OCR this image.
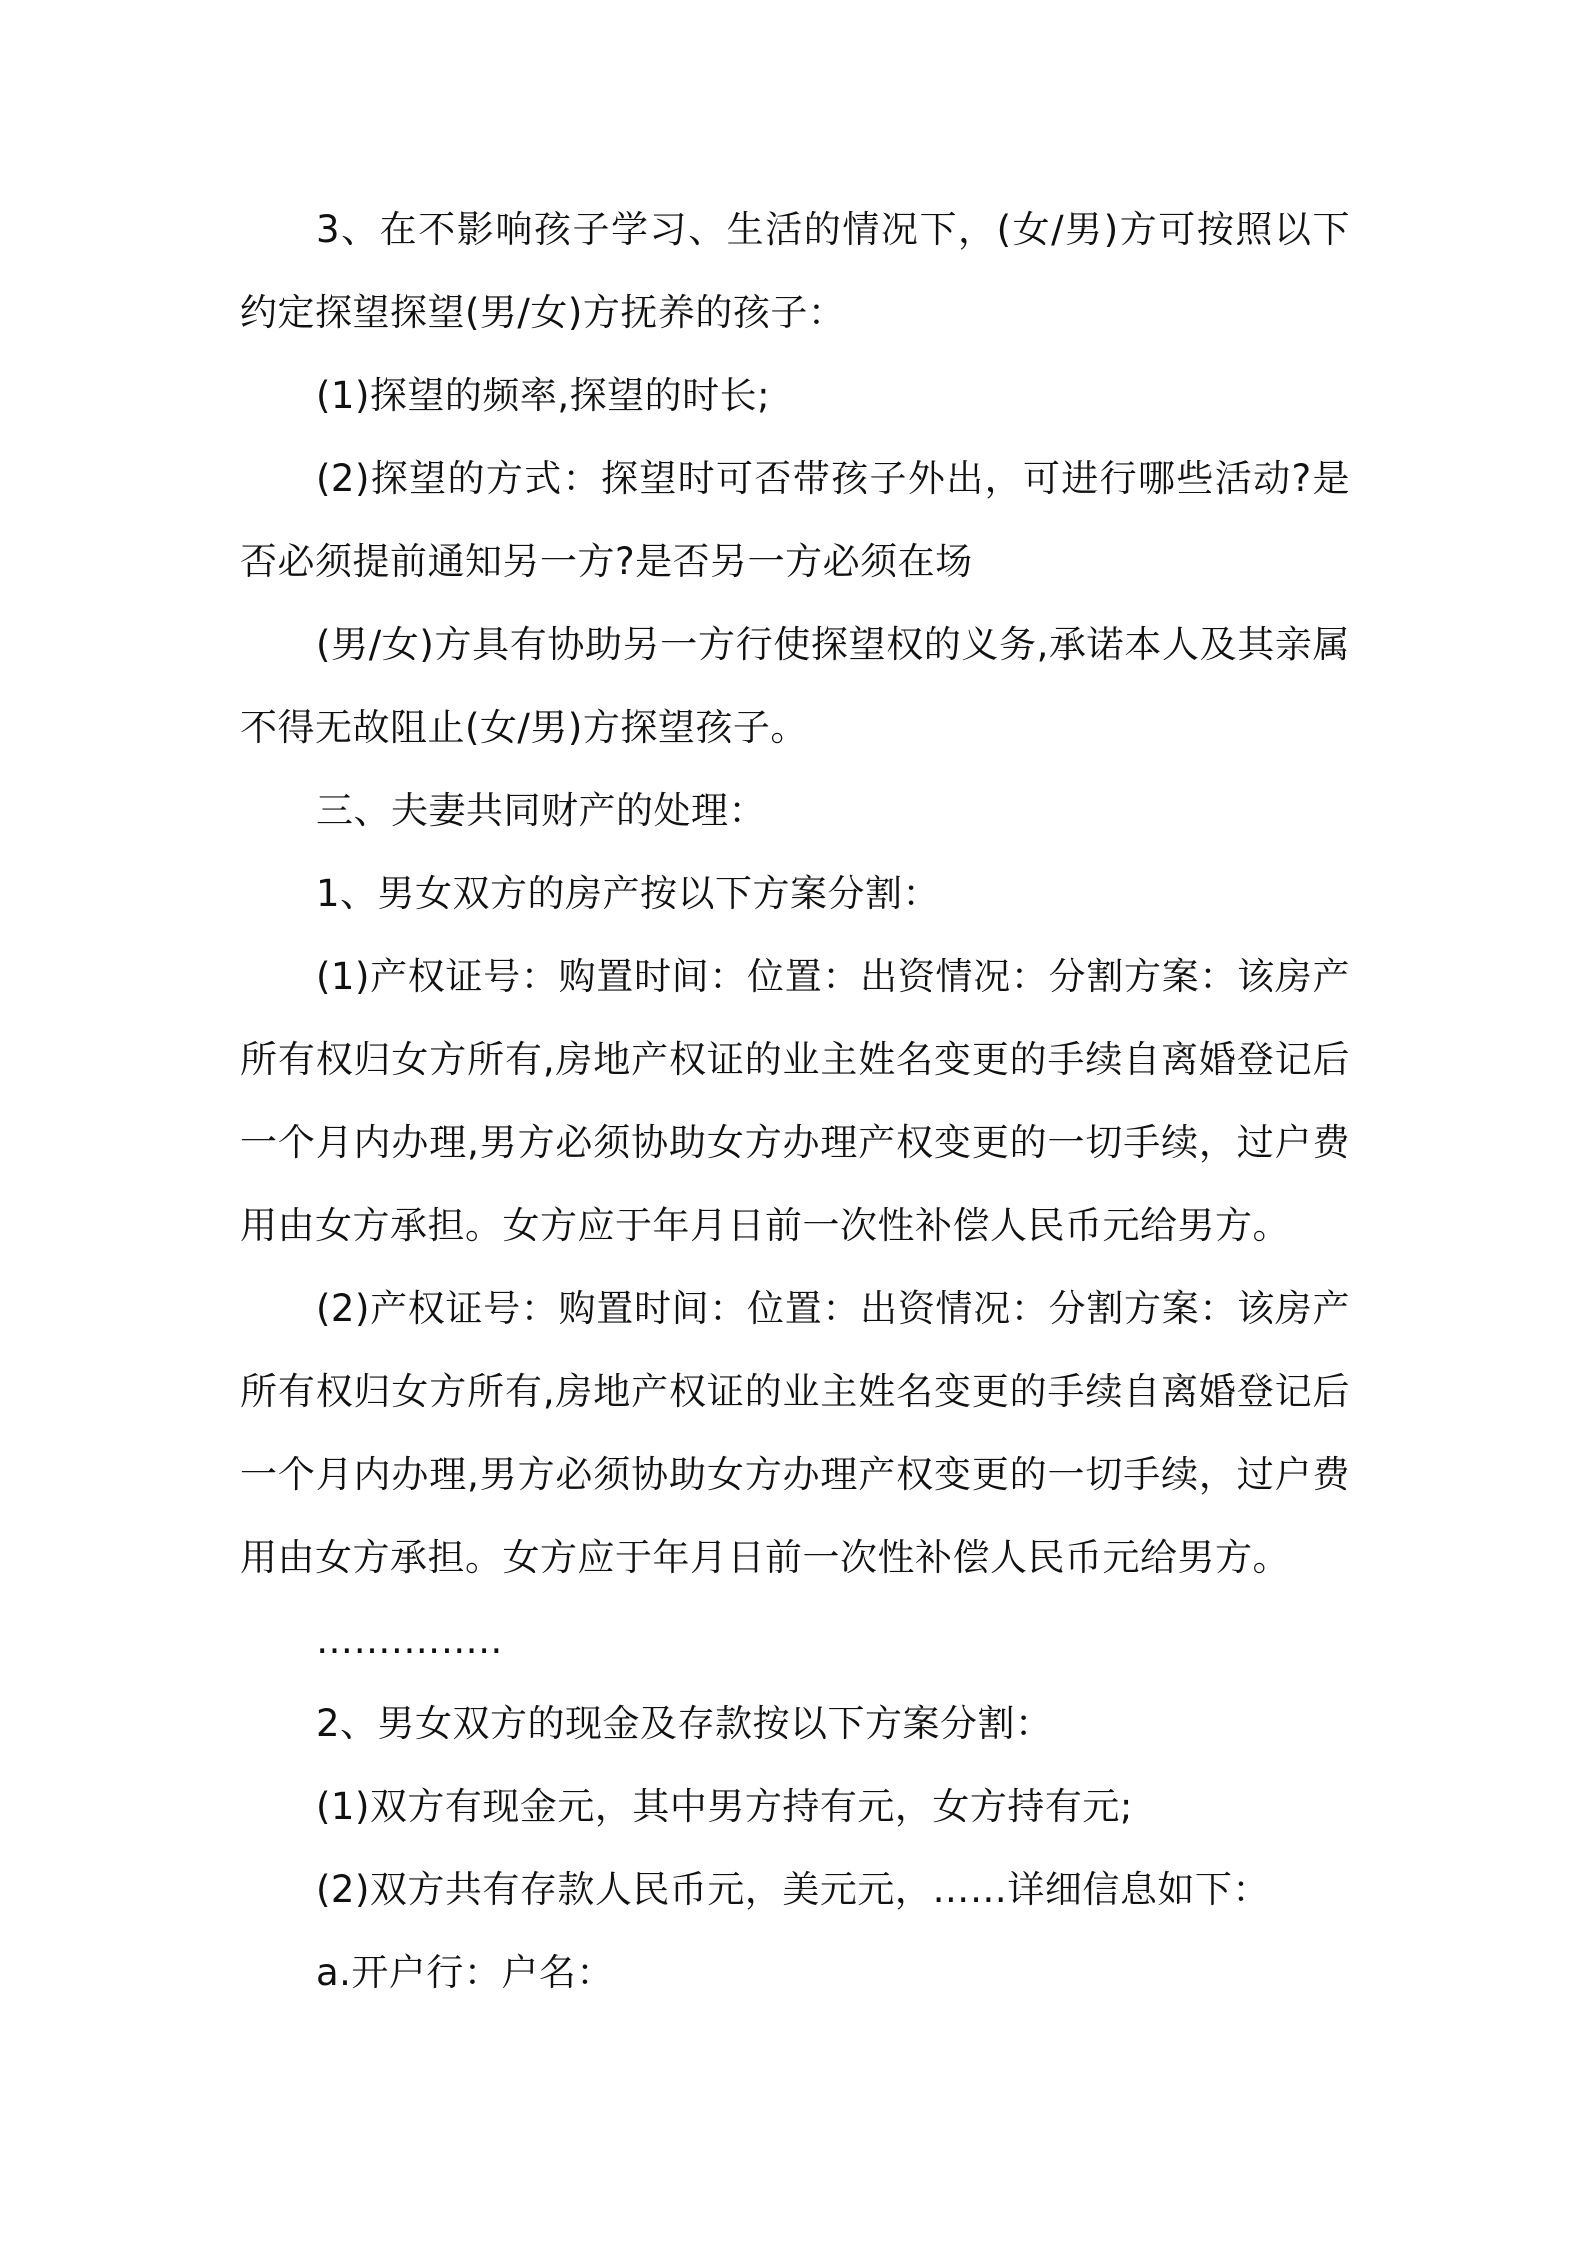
3、在不影响孩子学习、生活的情况下，(女/男)方可按照以下约定探望探望(男/女)方抚养的孩子：

(1)探望的频率,探望的时长;

(2)探望的方式：探望时可否带孩子外出，可进行哪些活动?是否必须提前通知另一方?是否另一方必须在场

(男/女)方具有协助另一方行使探望权的义务,承诺本人及其亲属不得无故阻止(女/男)方探望孩子。

三、夫妻共同财产的处理：

1、男女双方的房产按以下方案分割：

(1)产权证号：购置时间：位置：出资情况：分割方案：该房产所有权归女方所有,房地产权证的业主姓名变更的手续自离婚登记后一个月内办理,男方必须协助女方办理产权变更的一切手续，过户费用由女方承担。女方应于年月日前一次性补偿人民币元给男方。

(2)产权证号：购置时间：位置：出资情况：分割方案：该房产所有权归女方所有,房地产权证的业主姓名变更的手续自离婚登记后一个月内办理,男方必须协助女方办理产权变更的一切手续，过户费用由女方承担。女方应于年月日前一次性补偿人民币元给男方。

…….……..

2、男女双方的现金及存款按以下方案分割：

(1)双方有现金元，其中男方持有元，女方持有元;

(2)双方共有存款人民币元，美元元，……详细信息如下：

a.开户行：户名：
